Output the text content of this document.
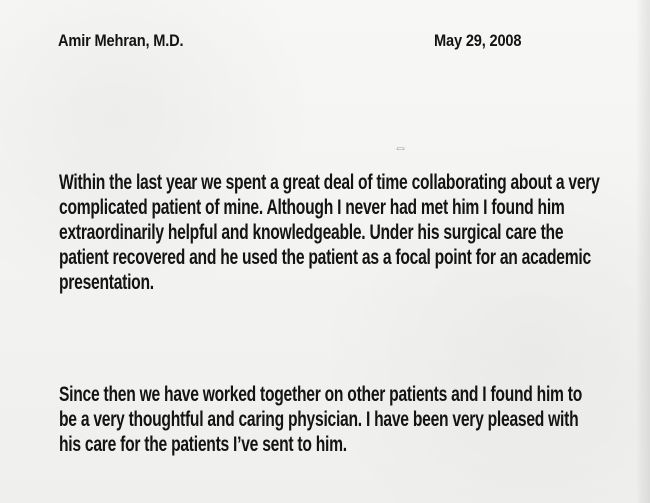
Amir Mehran, M.D.	May 29, 2008
▭
Within the last year we spent a great deal of time collaborating about a very
complicated patient of mine. Although I never had met him I found him
extraordinarily helpful and knowledgeable. Under his surgical care the
patient recovered and he used the patient as a focal point for an academic
presentation.
Since then we have worked together on other patients and I found him to
be a very thoughtful and caring physician. I have been very pleased with
his care for the patients I’ve sent to him.
